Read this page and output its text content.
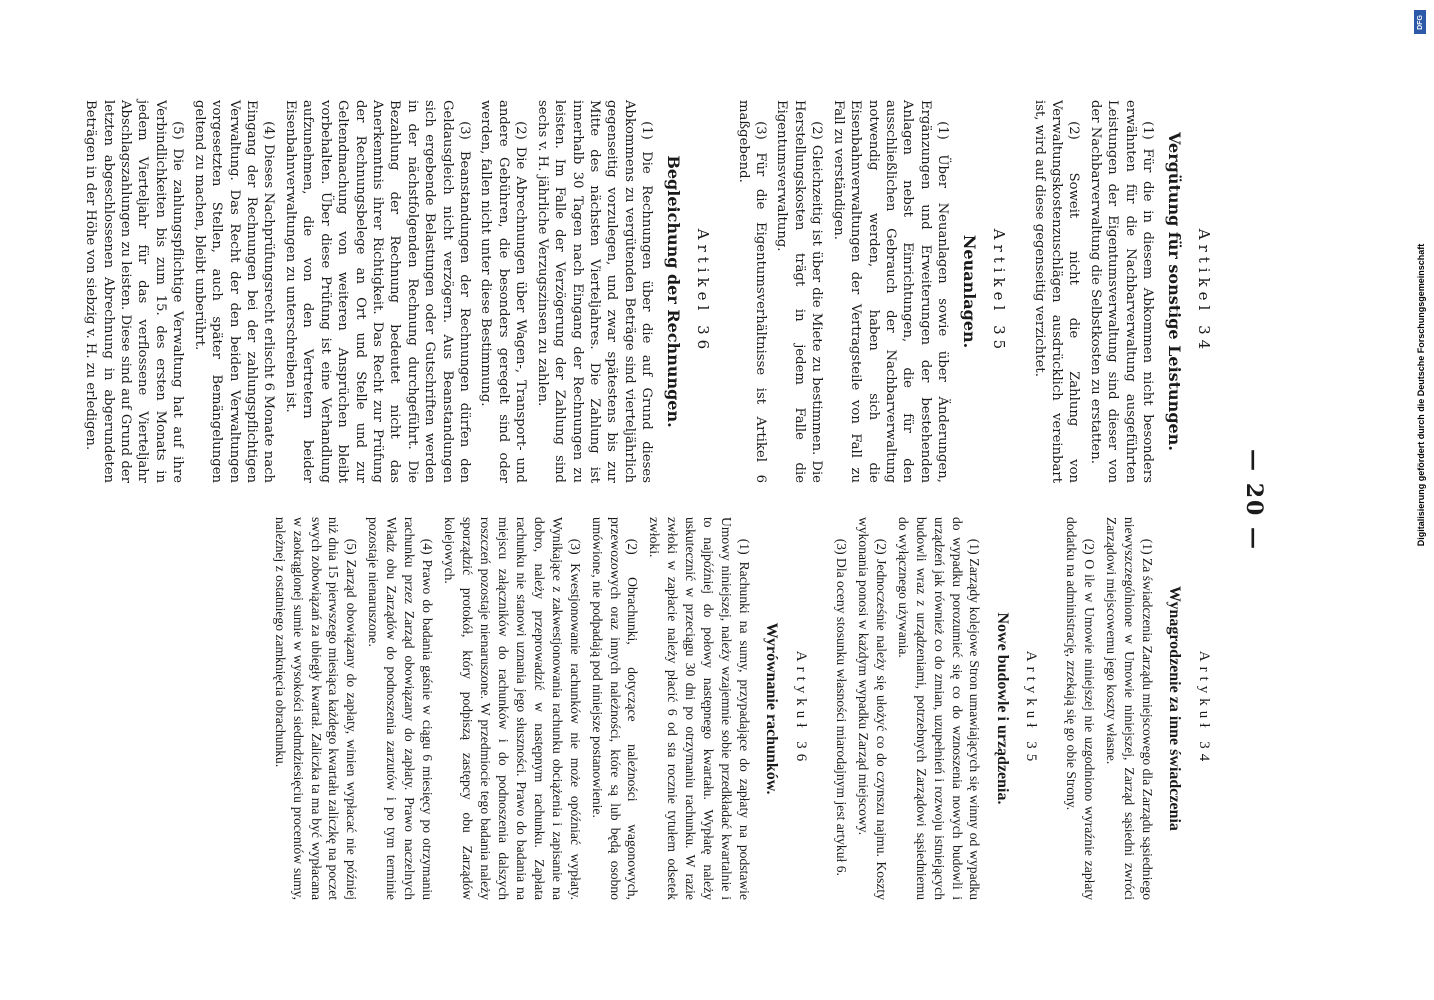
— 20 —
Artikel 34
Vergütung für sonstige Leistungen.

(1) Für die in diesem Abkommen nicht besonders erwähnten für die Nachbarverwaltung ausgeführten Leistungen der Eigentumsverwaltung sind dieser von der Nachbarverwaltung die Selbstkosten zu erstatten.

(2) Soweit nicht die Zahlung von Verwaltungskostenzuschlägen ausdrücklich vereinbart ist, wird auf diese gegenseitig verzichtet.

Artikel 35
Neuanlagen.

(1) Über Neuanlagen sowie über Änderungen, Ergänzungen und Erweiterungen der bestehenden Anlagen nebst Einrichtungen, die für den ausschließlichen Gebrauch der Nachbarverwaltung notwendig werden, haben sich die Eisenbahnverwaltungen der Vertragsteile von Fall zu Fall zu verständigen.

(2) Gleichzeitig ist über die Miete zu bestimmen. Die Herstellungskosten trägt in jedem Falle die Eigentumsverwaltung.

(3) Für die Eigentumsverhältnisse ist Artikel 6 maßgebend.

Artikel 36
Begleichung der Rechnungen.

(1) Die Rechnungen über die auf Grund dieses Abkommens zu vergütenden Beträge sind vierteljährlich gegenseitig vorzulegen, und zwar spätestens bis zur Mitte des nächsten Vierteljahres. Die Zahlung ist innerhalb 30 Tagen nach Eingang der Rechnungen zu leisten. Im Falle der Verzögerung der Zahlung sind sechs v. H. jährliche Verzugszinsen zu zahlen.

(2) Die Abrechnungen über Wagen-, Transport- und andere Gebühren, die besonders geregelt sind oder werden, fallen nicht unter diese Bestimmung.

(3) Beanstandungen der Rechnungen dürfen den Geldausgleich nicht verzögern. Aus Beanstandungen sich ergebende Belastungen oder Gutschriften werden in der nächstfolgenden Rechnung durchgeführt. Die Bezahlung der Rechnung bedeutet nicht das Anerkenntnis ihrer Richtigkeit. Das Recht zur Prüfung der Rechnungsbelege an Ort und Stelle und zur Geltendmachung von weiteren Ansprüchen bleibt vorbehalten. Über diese Prüfung ist eine Verhandlung aufzunehmen, die von den Vertretern beider Eisenbahnverwaltungen zu unterschreiben ist.

(4) Dieses Nachprüfungsrecht erlischt 6 Monate nach Eingang der Rechnungen bei der zahlungspflichtigen Verwaltung. Das Recht der den beiden Verwaltungen vorgesetzten Stellen, auch später Bemängelungen geltend zu machen, bleibt unberührt.

(5) Die zahlungspflichtige Verwaltung hat auf ihre Verbindlichkeiten bis zum 15. des ersten Monats in jedem Vierteljahr für das verflossene Vierteljahr Abschlagszahlungen zu leisten. Diese sind auf Grund der letzten abgeschlossenen Abrechnung in abgerundeten Beträgen in der Höhe von siebzig v. H. zu erledigen.

Artykuł 34
Wynagrodzenie za inne świadczenia

(1) Za świadczenia Zarządu miejscowego dla Zarządu sąsiedniego niewyszczególnione w Umowie niniejszej, Zarząd sąsiedni zwróci Zarządowi miejscowemu jego koszty własne.

(2) O ile w Umowie niniejszej nie uzgodniono wyraźnie zapłaty dodatku na administrację, zrzekają się go obie Strony.

Artykuł 35
Nowe budowle i urządzenia.

(1) Zarządy kolejowe Stron umawiających się winny od wypadku do wypadku porozumieć się co do wznoszenia nowych budowli i urządzeń jak również co do zmian, uzupełnień i rozwoju istniejących budowli wraz z urządzeniami, potrzebnych Zarządowi sąsiedniemu do wyłącznego używania.

(2) Jednocześnie należy się ułożyć co do czynszu najmu. Koszty wykonania ponosi w każdym wypadku Zarząd miejscowy.

(3) Dla oceny stosunku własności miarodajnym jest artykuł 6.

Artykuł 36
Wyrównanie rachunków.

(1) Rachunki na sumy, przypadające do zapłaty na podstawie Umowy niniejszej, należy wzajemnie sobie przedkładać kwartalnie i to najpóźniej do połowy następnego kwartału. Wypłatę należy uskutecznić w przeciągu 30 dni po otrzymaniu rachunku. W razie zwłoki w zapłacie należy płacić 6 od sta rocznie tytułem odsetek zwłoki.

(2) Obrachunki, dotyczące należności wagonowych, przewozowych oraz innych należności, które są lub będą osobno umówione, nie podpadają pod niniejsze postanowienie.

(3) Kwestjonowanie rachunków nie może opóźniać wypłaty. Wynikające z zakwestjonowania rachunku obciążenia i zapisanie na dobro, należy przeprowadzić w następnym rachunku. Zapłata rachunku nie stanowi uznania jego słuszności. Prawo do badania na miejscu załączników do rachunków i do podnoszenia dalszych roszczeń pozostaje nienaruszone. W przedmiocie tego badania należy sporządzić protokół, który podpiszą zastępcy obu Zarządów kolejowych.

(4) Prawo do badania gaśnie w ciągu 6 miesięcy po otrzymaniu rachunku przez Zarząd obowiązany do zapłaty. Prawo naczelnych Władz obu Zarządów do podnoszenia zarzutów i po tym terminie pozostaje nienaruszone.

(5) Zarząd obowiązany do zapłaty, winien wypłacać nie później niż dnia 15 pierwszego miesiąca każdego kwartału zaliczkę na poczet swych zobowiązań za ubiegły kwartał. Zaliczka ta ma być wypłacana w zaokrąglonej sumie w wysokości siedmdziesięciu procentów sumy, należnej z ostatniego zamknięcia obrachunku.

DFG
Digitalisierung gefördert durch die Deutsche Forschungsgemeinschaft
